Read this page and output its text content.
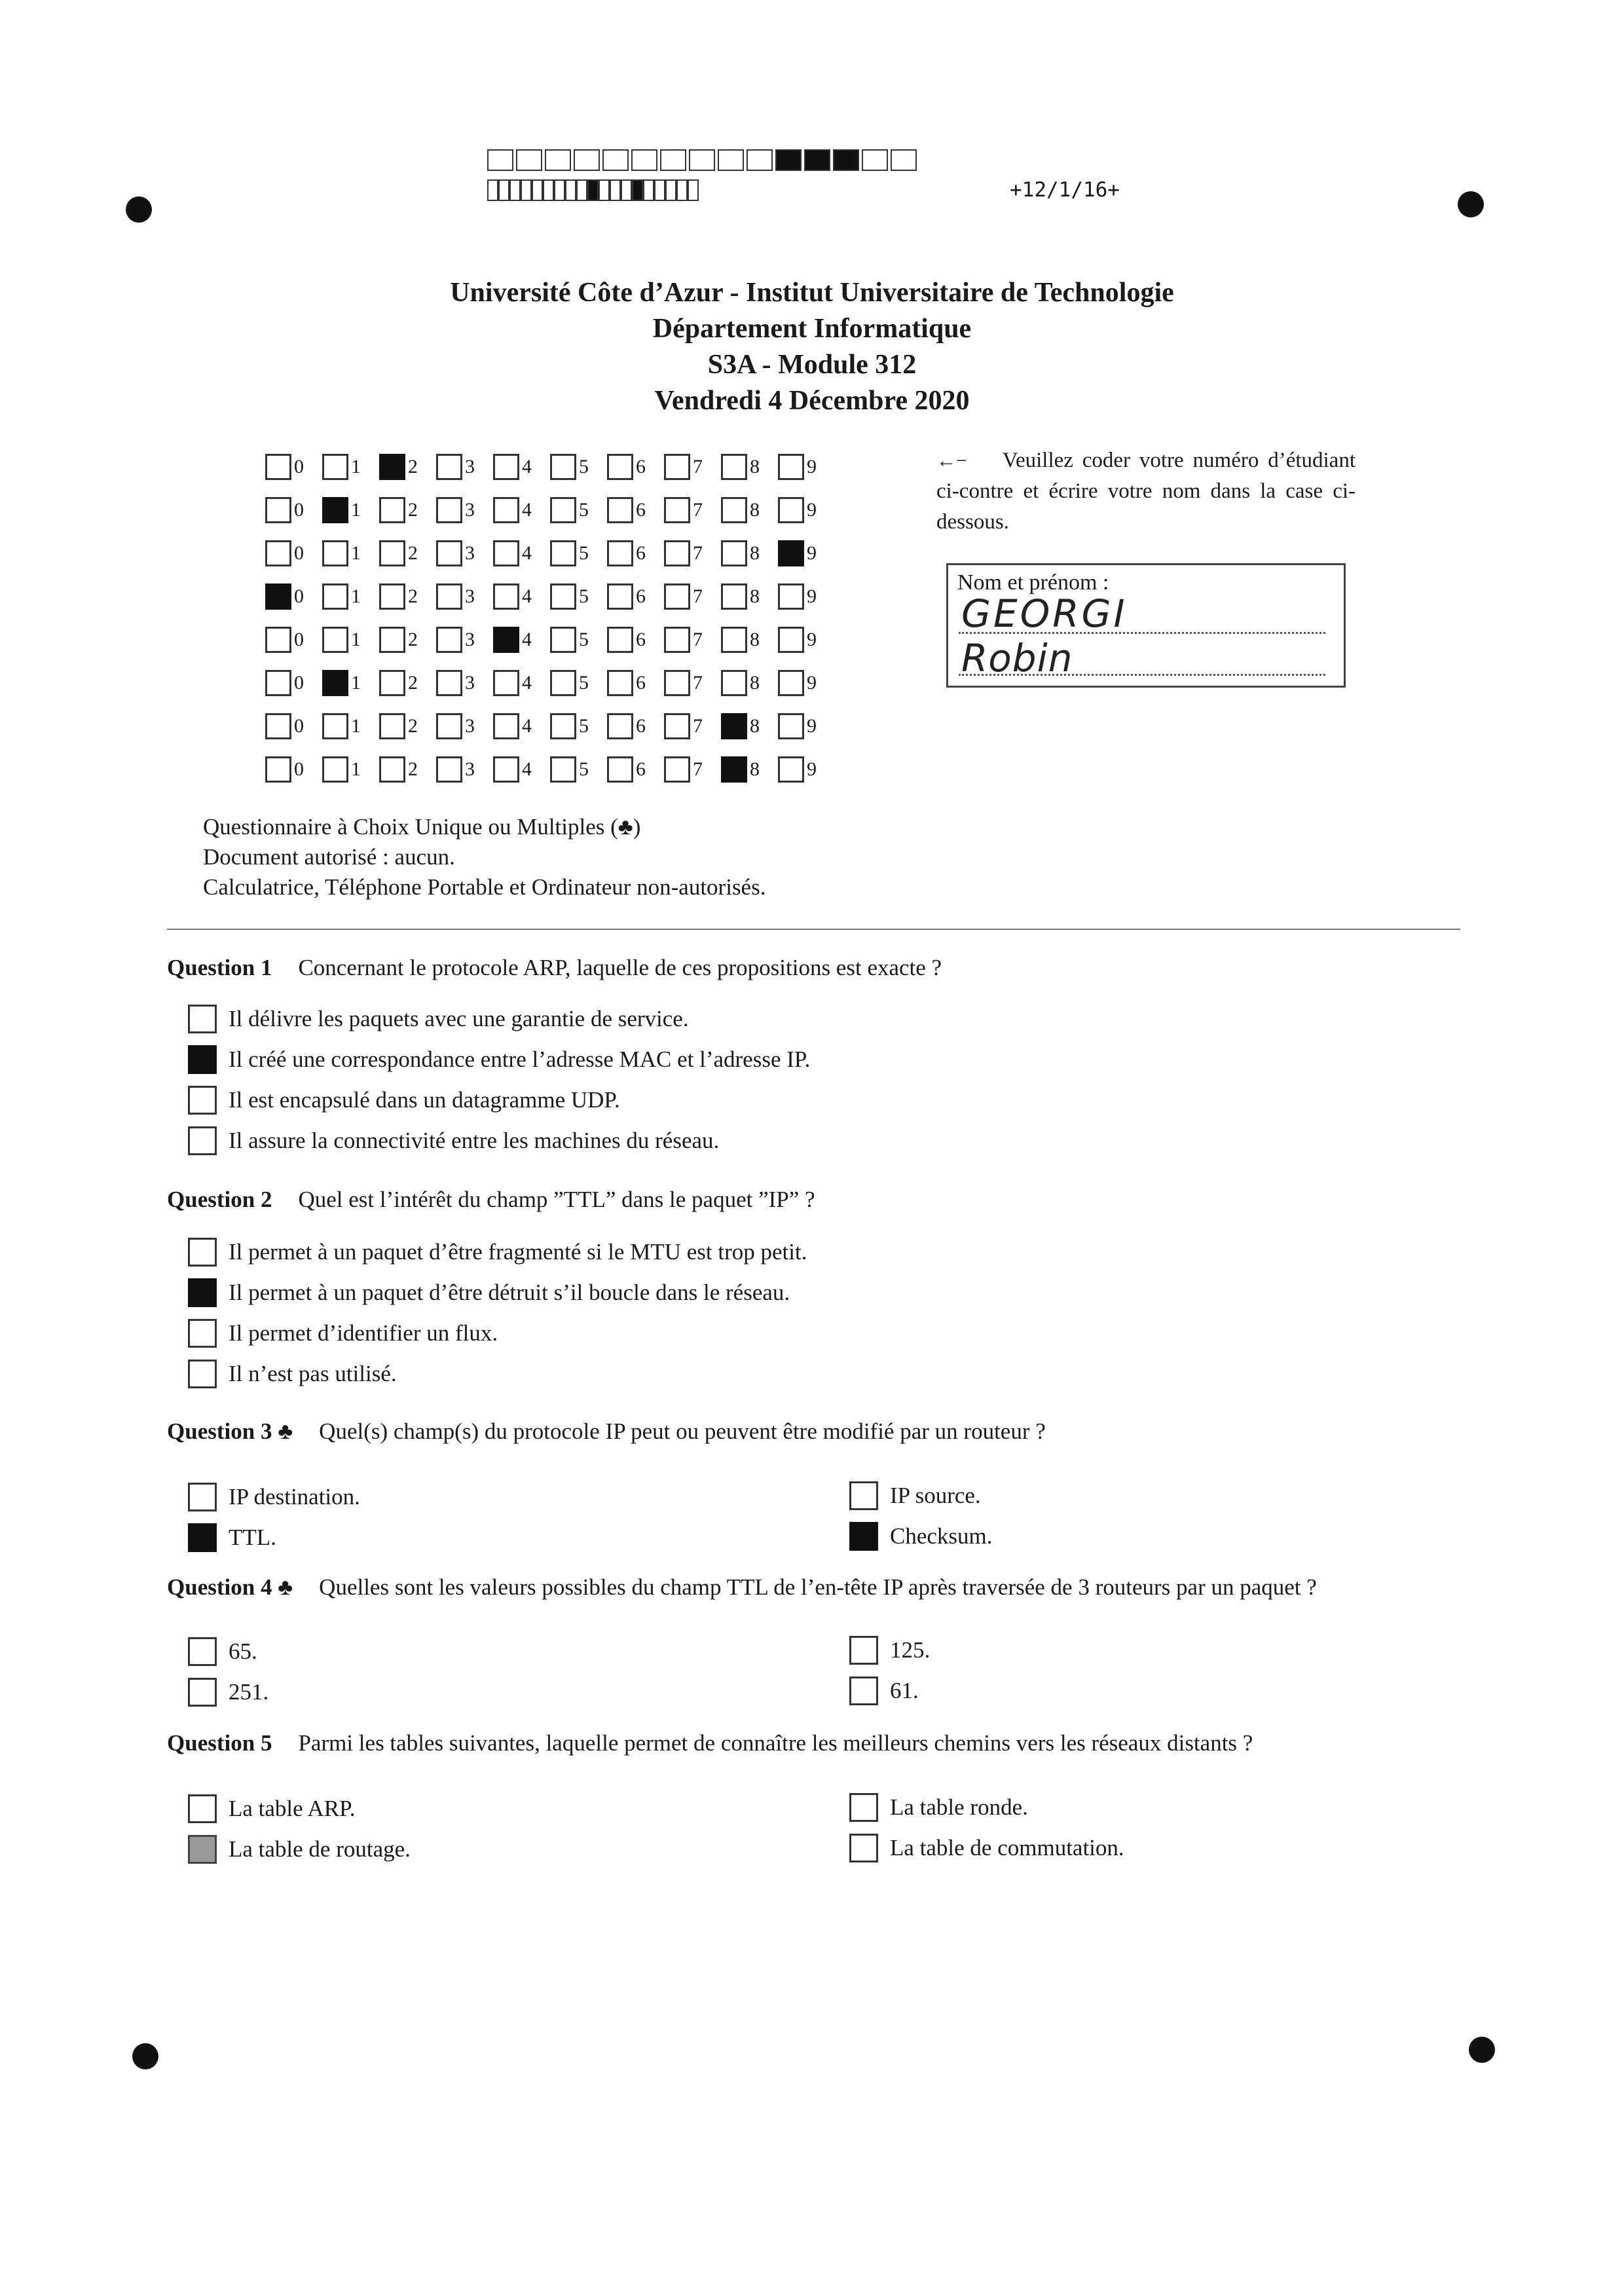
+12/1/16+
Université Côte d’Azur - Institut Universitaire de Technologie
Département Informatique
S3A - Module 312
Vendredi 4 Décembre 2020
0 1 2 3 4 5 6 7 8 9
0 1 2 3 4 5 6 7 8 9
0 1 2 3 4 5 6 7 8 9
0 1 2 3 4 5 6 7 8 9
0 1 2 3 4 5 6 7 8 9
0 1 2 3 4 5 6 7 8 9
0 1 2 3 4 5 6 7 8 9
0 1 2 3 4 5 6 7 8 9
←− Veuillez coder votre numéro d’étudiant ci-contre et écrire votre nom dans la case ci-dessous.
Nom et prénom :
GEORGI
Robin
Questionnaire à Choix Unique ou Multiples (♣)
Document autorisé : aucun.
Calculatrice, Téléphone Portable et Ordinateur non-autorisés.
Question 1 Concernant le protocole ARP, laquelle de ces propositions est exacte ?
Il délivre les paquets avec une garantie de service.
Il créé une correspondance entre l’adresse MAC et l’adresse IP.
Il est encapsulé dans un datagramme UDP.
Il assure la connectivité entre les machines du réseau.
Question 2 Quel est l’intérêt du champ ”TTL” dans le paquet ”IP” ?
Il permet à un paquet d’être fragmenté si le MTU est trop petit.
Il permet à un paquet d’être détruit s’il boucle dans le réseau.
Il permet d’identifier un flux.
Il n’est pas utilisé.
Question 3 ♣ Quel(s) champ(s) du protocole IP peut ou peuvent être modifié par un routeur ?
IP destination.	IP source.
TTL.	Checksum.
Question 4 ♣ Quelles sont les valeurs possibles du champ TTL de l’en-tête IP après traversée de 3 routeurs par un paquet ?
65.	125.
251.	61.
Question 5 Parmi les tables suivantes, laquelle permet de connaître les meilleurs chemins vers les réseaux distants ?
La table ARP.	La table ronde.
La table de routage.	La table de commutation.
